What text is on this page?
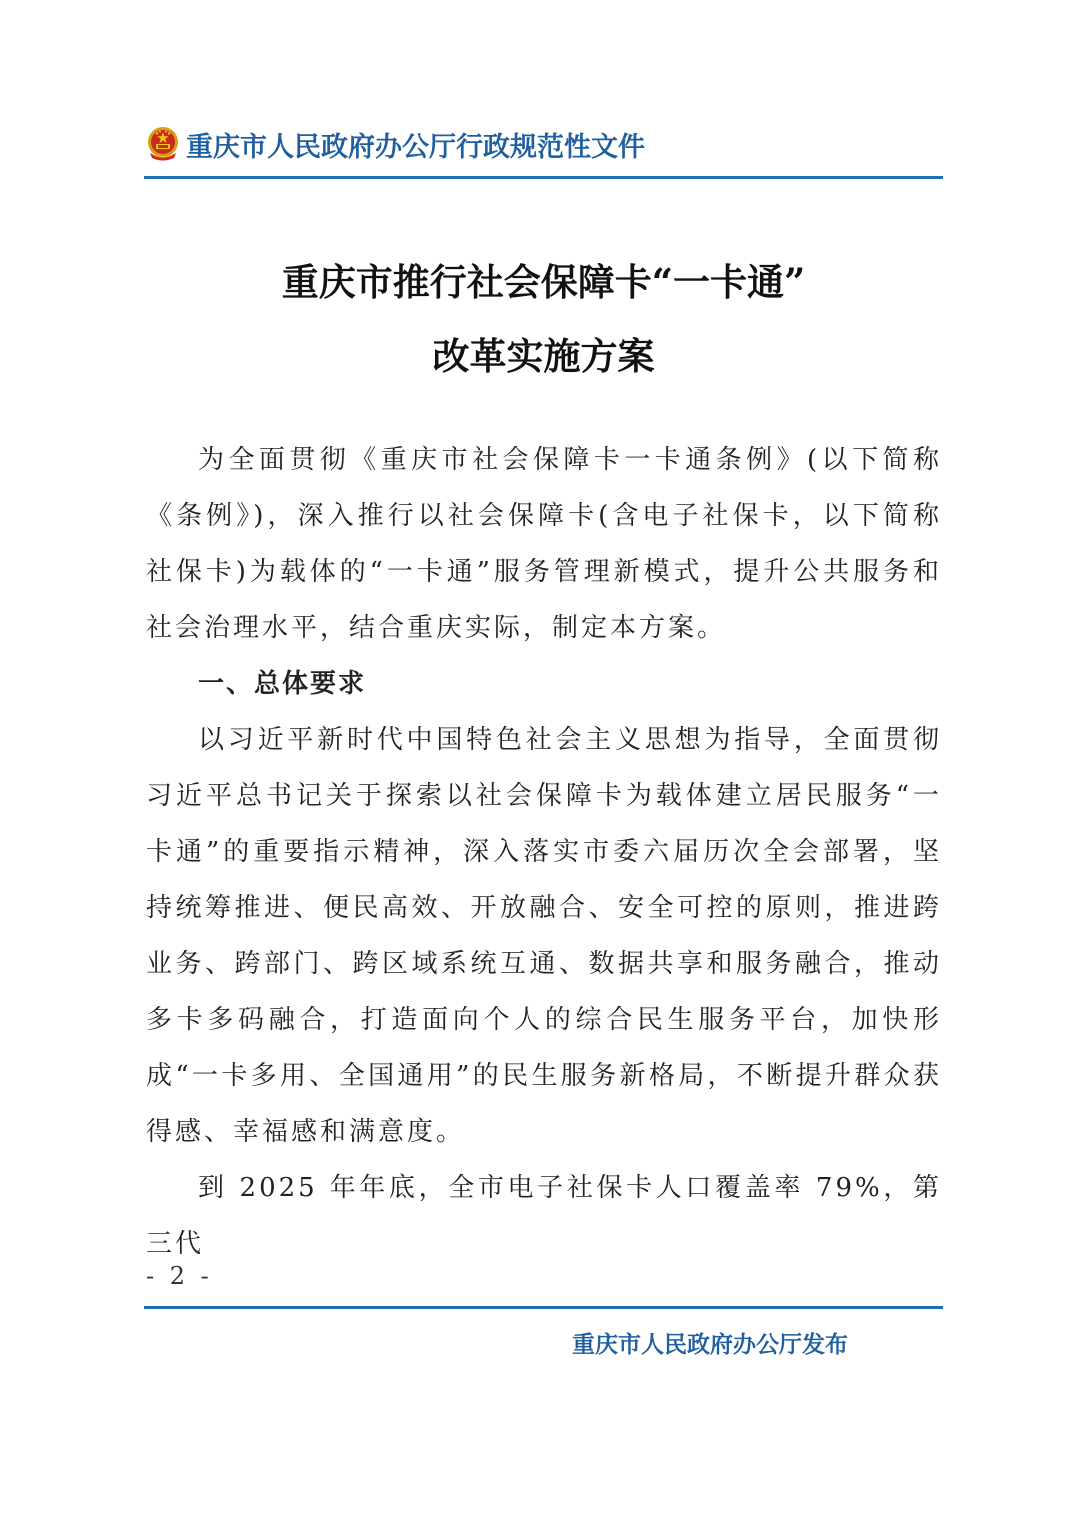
重庆市人民政府办公厅行政规范性文件
重庆市推行社会保障卡“一卡通”
改革实施方案

为全面贯彻《重庆市社会保障卡一卡通条例》(以下简称《条例》)，深入推行以社会保障卡(含电子社保卡，以下简称社保卡)为载体的“一卡通”服务管理新模式，提升公共服务和社会治理水平，结合重庆实际，制定本方案。

一、总体要求

以习近平新时代中国特色社会主义思想为指导，全面贯彻习近平总书记关于探索以社会保障卡为载体建立居民服务“一卡通”的重要指示精神，深入落实市委六届历次全会部署，坚持统筹推进、便民高效、开放融合、安全可控的原则，推进跨业务、跨部门、跨区域系统互通、数据共享和服务融合，推动多卡多码融合，打造面向个人的综合民生服务平台，加快形成“一卡多用、全国通用”的民生服务新格局，不断提升群众获得感、幸福感和满意度。

到 2025 年年底，全市电子社保卡人口覆盖率 79%，第三代

- 2 -
重庆市人民政府办公厅发布
